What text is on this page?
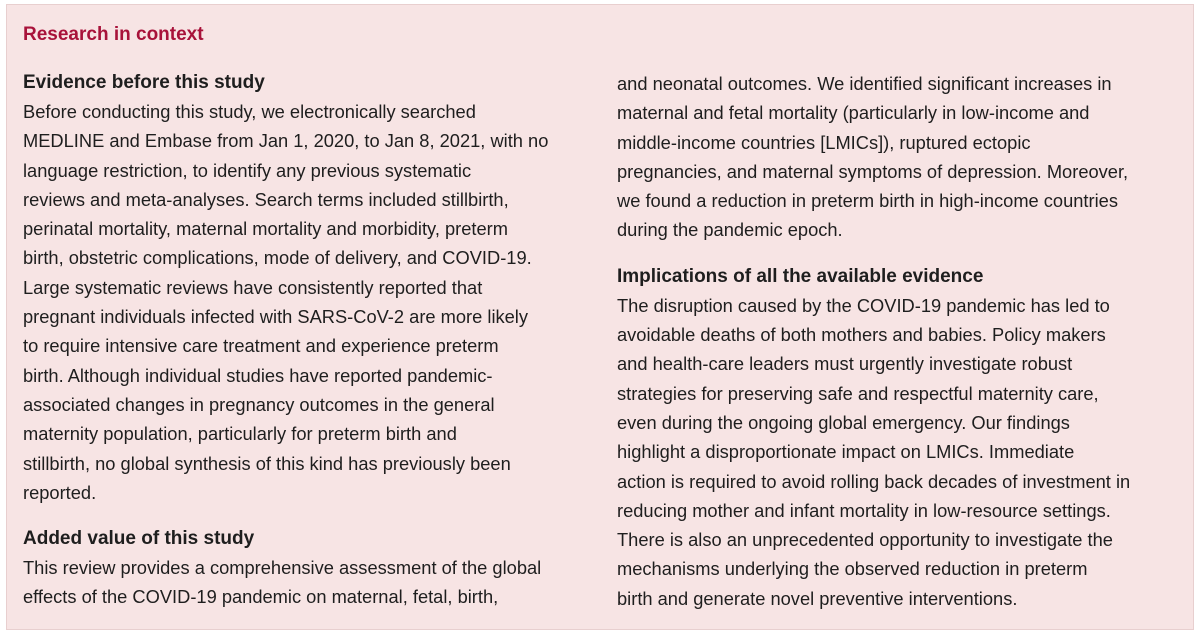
Research in context
Evidence before this study
Before conducting this study, we electronically searched
MEDLINE and Embase from Jan 1, 2020, to Jan 8, 2021, with no
language restriction, to identify any previous systematic
reviews and meta-analyses. Search terms included stillbirth,
perinatal mortality, maternal mortality and morbidity, preterm
birth, obstetric complications, mode of delivery, and COVID-19.
Large systematic reviews have consistently reported that
pregnant individuals infected with SARS-CoV-2 are more likely
to require intensive care treatment and experience preterm
birth. Although individual studies have reported pandemic-
associated changes in pregnancy outcomes in the general
maternity population, particularly for preterm birth and
stillbirth, no global synthesis of this kind has previously been
reported.
Added value of this study
This review provides a comprehensive assessment of the global
effects of the COVID-19 pandemic on maternal, fetal, birth,
and neonatal outcomes. We identified significant increases in
maternal and fetal mortality (particularly in low-income and
middle-income countries [LMICs]), ruptured ectopic
pregnancies, and maternal symptoms of depression. Moreover,
we found a reduction in preterm birth in high-income countries
during the pandemic epoch.
Implications of all the available evidence
The disruption caused by the COVID-19 pandemic has led to
avoidable deaths of both mothers and babies. Policy makers
and health-care leaders must urgently investigate robust
strategies for preserving safe and respectful maternity care,
even during the ongoing global emergency. Our findings
highlight a disproportionate impact on LMICs. Immediate
action is required to avoid rolling back decades of investment in
reducing mother and infant mortality in low-resource settings.
There is also an unprecedented opportunity to investigate the
mechanisms underlying the observed reduction in preterm
birth and generate novel preventive interventions.
